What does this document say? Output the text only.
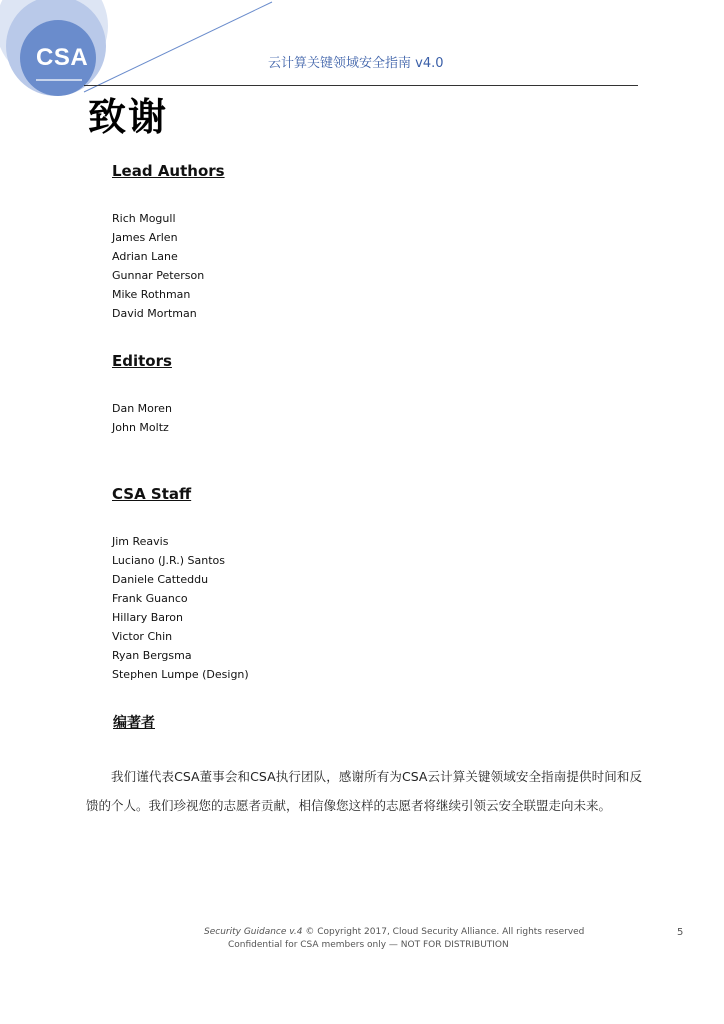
CSA	云计算关键领域安全指南 v4.0
致谢
Lead Authors
Rich Mogull
James Arlen
Adrian Lane
Gunnar Peterson
Mike Rothman
David Mortman
Editors
Dan Moren
John Moltz
CSA Staff
Jim Reavis
Luciano (J.R.) Santos
Daniele Catteddu
Frank Guanco
Hillary Baron
Victor Chin
Ryan Bergsma
Stephen Lumpe (Design)
编著者

我们谨代表CSA董事会和CSA执行团队，感谢所有为CSA云计算关键领域安全指南提供时间和反馈的个人。我们珍视您的志愿者贡献，相信像您这样的志愿者将继续引领云安全联盟走向未来。

Security Guidance v.4 © Copyright 2017, Cloud Security Alliance. All rights reserved
Confidential for CSA members only — NOT FOR DISTRIBUTION
5
